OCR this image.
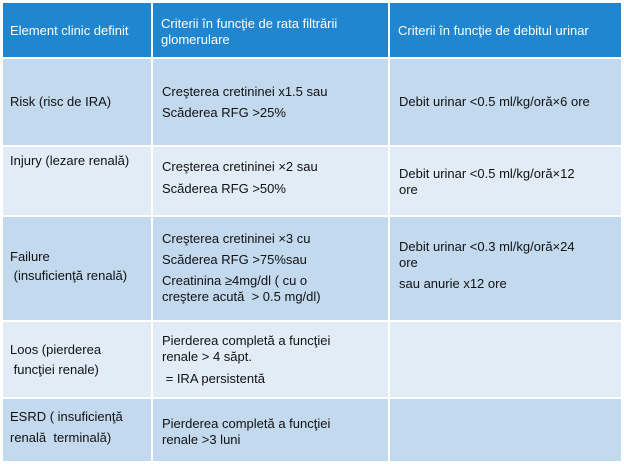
Element clinic definit	Criterii în funcţie de rata filtrării

glomerulare

Criterii în funcţie de debitul urinar

Risk (risc de IRA)

Creşterea cretininei x1.5 sau

Scăderea RFG >25%

Debit urinar <0.5 ml/kg/oră×6 ore

Injury (lezare renală)	Creşterea cretininei ×2 sau

Scăderea RFG >50%

Debit urinar <0.5 ml/kg/oră×12

ore

Failure

(insuficienţă renală)

Creşterea cretininei ×3 cu

Scăderea RFG >75%sau

Creatinina ≥4mg/dl ( cu o

creştere acută  > 0.5 mg/dl)

Debit urinar <0.3 ml/kg/oră×24

ore

sau anurie x12 ore

Loos (pierderea

funcţiei renale)

Pierderea completă a funcţiei

renale > 4 săpt.

= IRA persistentă

ESRD ( insuficienţă

renală  terminală)

Pierderea completă a funcţiei

renale >3 luni
